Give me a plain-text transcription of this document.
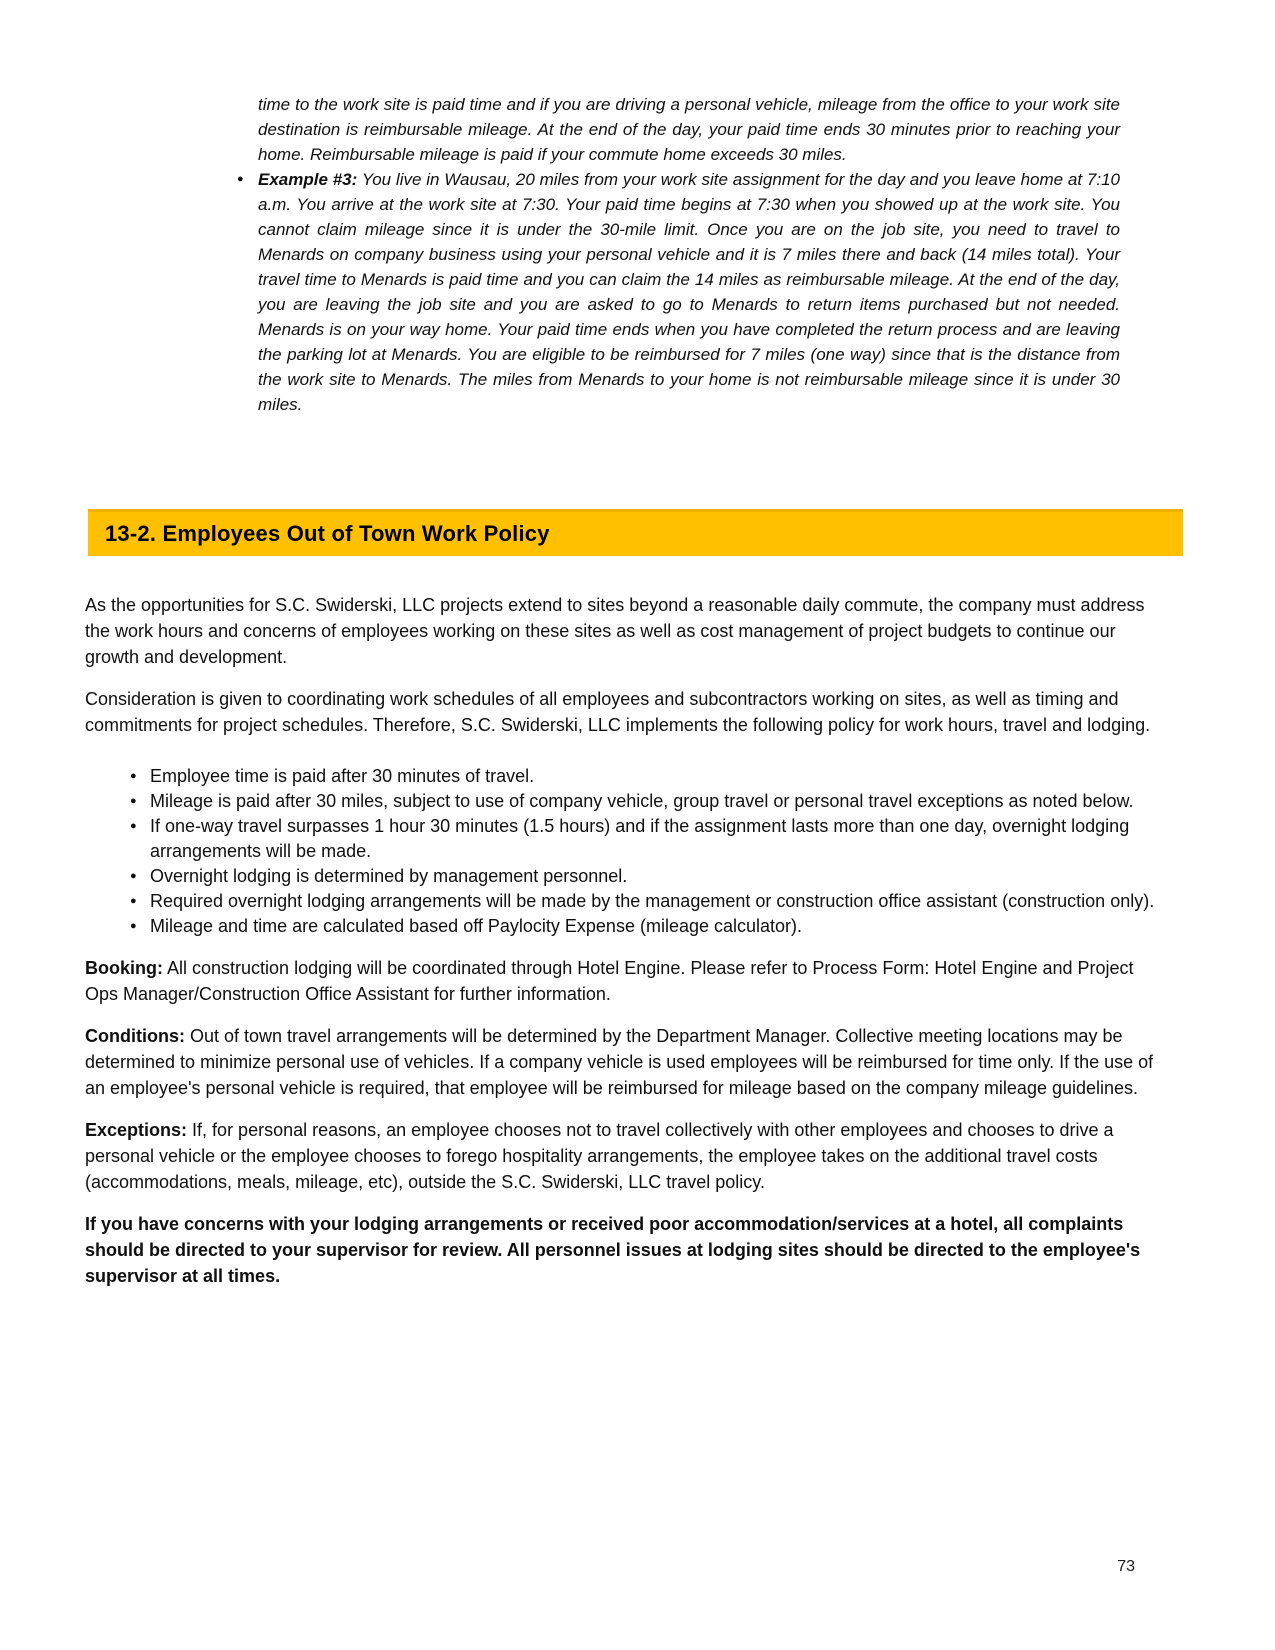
time to the work site is paid time and if you are driving a personal vehicle, mileage from the office to your work site destination is reimbursable mileage. At the end of the day, your paid time ends 30 minutes prior to reaching your home. Reimbursable mileage is paid if your commute home exceeds 30 miles.

● Example #3: You live in Wausau, 20 miles from your work site assignment for the day and you leave home at 7:10 a.m. You arrive at the work site at 7:30. Your paid time begins at 7:30 when you showed up at the work site. You cannot claim mileage since it is under the 30-mile limit. Once you are on the job site, you need to travel to Menards on company business using your personal vehicle and it is 7 miles there and back (14 miles total). Your travel time to Menards is paid time and you can claim the 14 miles as reimbursable mileage. At the end of the day, you are leaving the job site and you are asked to go to Menards to return items purchased but not needed. Menards is on your way home. Your paid time ends when you have completed the return process and are leaving the parking lot at Menards. You are eligible to be reimbursed for 7 miles (one way) since that is the distance from the work site to Menards. The miles from Menards to your home is not reimbursable mileage since it is under 30 miles.
13-2. Employees Out of Town Work Policy

As the opportunities for S.C. Swiderski, LLC projects extend to sites beyond a reasonable daily commute, the company must address the work hours and concerns of employees working on these sites as well as cost management of project budgets to continue our growth and development.

Consideration is given to coordinating work schedules of all employees and subcontractors working on sites, as well as timing and commitments for project schedules. Therefore, S.C. Swiderski, LLC implements the following policy for work hours, travel and lodging.

● Employee time is paid after 30 minutes of travel.
● Mileage is paid after 30 miles, subject to use of company vehicle, group travel or personal travel exceptions as noted below.
● If one-way travel surpasses 1 hour 30 minutes (1.5 hours) and if the assignment lasts more than one day, overnight lodging arrangements will be made.
● Overnight lodging is determined by management personnel.
● Required overnight lodging arrangements will be made by the management or construction office assistant (construction only).
● Mileage and time are calculated based off Paylocity Expense (mileage calculator).

Booking: All construction lodging will be coordinated through Hotel Engine. Please refer to Process Form: Hotel Engine and Project Ops Manager/Construction Office Assistant for further information.

Conditions: Out of town travel arrangements will be determined by the Department Manager. Collective meeting locations may be determined to minimize personal use of vehicles. If a company vehicle is used employees will be reimbursed for time only. If the use of an employee's personal vehicle is required, that employee will be reimbursed for mileage based on the company mileage guidelines.

Exceptions: If, for personal reasons, an employee chooses not to travel collectively with other employees and chooses to drive a personal vehicle or the employee chooses to forego hospitality arrangements, the employee takes on the additional travel costs (accommodations, meals, mileage, etc), outside the S.C. Swiderski, LLC travel policy.

If you have concerns with your lodging arrangements or received poor accommodation/services at a hotel, all complaints should be directed to your supervisor for review. All personnel issues at lodging sites should be directed to the employee's supervisor at all times.

73
